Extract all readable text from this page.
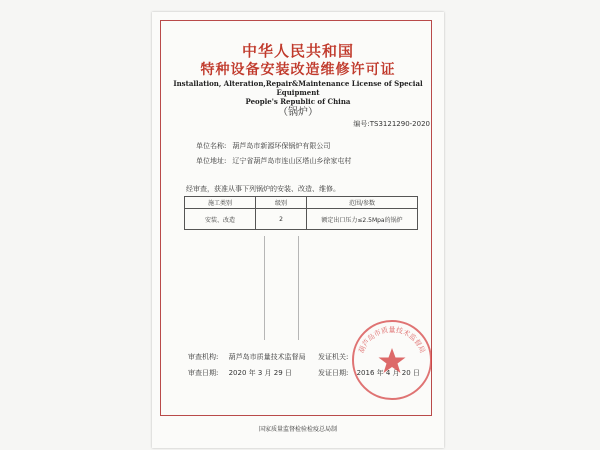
中华人民共和国
特种设备安装改造维修许可证
Installation, Alteration,Repair&Maintenance License of Special Equipment
People's Republic of China
（锅炉）
编号:TS3121290-2020
单位名称: 葫芦岛市新源环保锅炉有限公司
单位地址: 辽宁省葫芦岛市连山区塔山乡徐家屯村
经审查，获准从事下列锅炉的安装、改造、维修。
施工类别	级别	范围/参数
安装、改造	2	额定出口压力≤2.5Mpa的锅炉
审查机构: 葫芦岛市质量技术监督局
审查日期: 2020 年 3 月 29 日
发证机关:
发证日期: 2016 年 4 月 20 日
葫芦岛市质量技术监督局
国家质量监督检验检疫总局制
